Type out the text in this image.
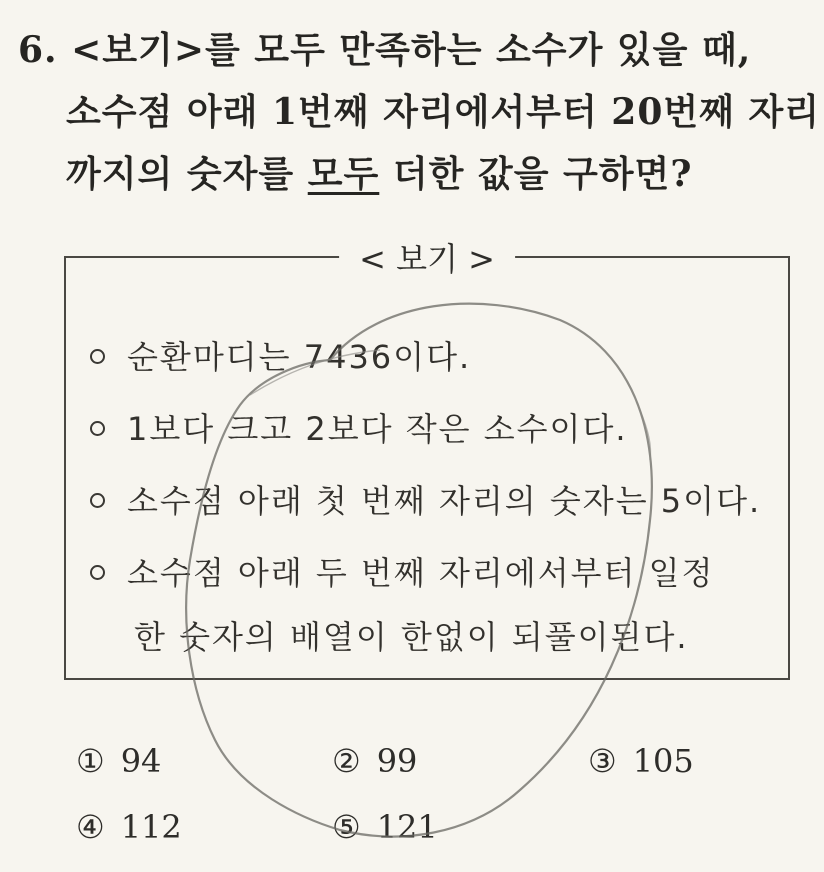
6. <보기>를 모두 만족하는 소수가 있을 때,
소수점 아래 1번째 자리에서부터 20번째 자리
까지의 숫자를 모두 더한 값을 구하면?
< 보기 >
순환마디는 7436이다.
1보다 크고 2보다 작은 소수이다.
소수점 아래 첫 번째 자리의 숫자는 5이다.
소수점 아래 두 번째 자리에서부터 일정
한 숫자의 배열이 한없이 되풀이된다.
① 94	② 99	③ 105
④ 112	⑤ 121
